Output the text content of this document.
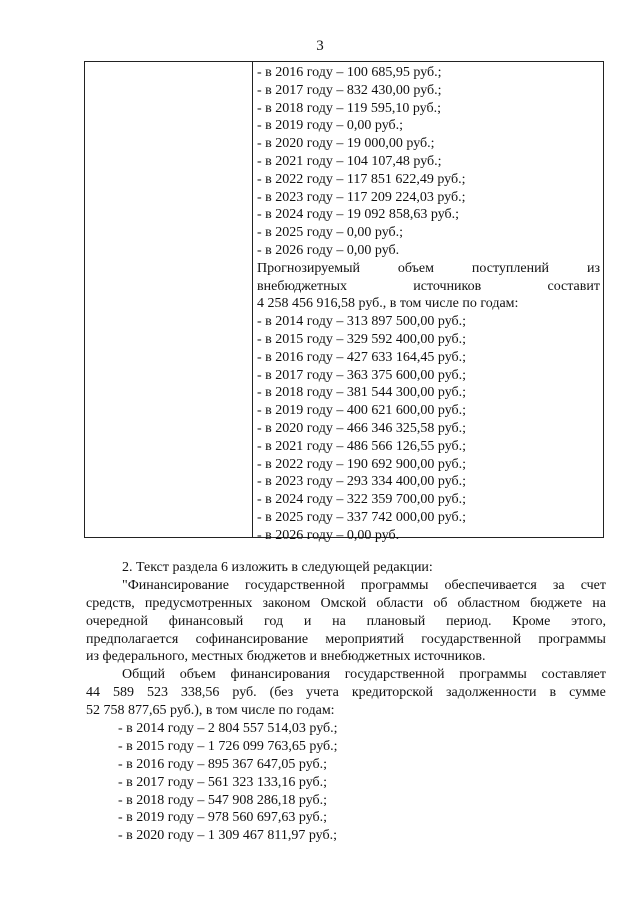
3
- в 2016 году – 100 685,95 руб.;
- в 2017 году – 832 430,00 руб.;
- в 2018 году – 119 595,10 руб.;
- в 2019 году – 0,00 руб.;
- в 2020 году – 19 000,00 руб.;
- в 2021 году – 104 107,48 руб.;
- в 2022 году – 117 851 622,49 руб.;
- в 2023 году – 117 209 224,03 руб.;
- в 2024 году – 19 092 858,63 руб.;
- в 2025 году – 0,00 руб.;
- в 2026 году – 0,00 руб.
Прогнозируемый	объем	поступлений	из
внебюджетных	источников	составит
4 258 456 916,58 руб., в том числе по годам:
- в 2014 году – 313 897 500,00 руб.;
- в 2015 году – 329 592 400,00 руб.;
- в 2016 году – 427 633 164,45 руб.;
- в 2017 году – 363 375 600,00 руб.;
- в 2018 году – 381 544 300,00 руб.;
- в 2019 году – 400 621 600,00 руб.;
- в 2020 году – 466 346 325,58 руб.;
- в 2021 году – 486 566 126,55 руб.;
- в 2022 году – 190 692 900,00 руб.;
- в 2023 году – 293 334 400,00 руб.;
- в 2024 году – 322 359 700,00 руб.;
- в 2025 году – 337 742 000,00 руб.;
- в 2026 году – 0,00 руб.
2. Текст раздела 6 изложить в следующей редакции:
"Финансирование государственной программы обеспечивается за счет
средств, предусмотренных законом Омской области об областном бюджете на
очередной финансовый год и на плановый период. Кроме этого,
предполагается софинансирование мероприятий государственной программы
из федерального, местных бюджетов и внебюджетных источников.
Общий объем финансирования государственной программы составляет
44 589 523 338,56 руб. (без учета кредиторской задолженности в сумме
52 758 877,65 руб.), в том числе по годам:
- в 2014 году – 2 804 557 514,03 руб.;
- в 2015 году – 1 726 099 763,65 руб.;
- в 2016 году – 895 367 647,05 руб.;
- в 2017 году – 561 323 133,16 руб.;
- в 2018 году – 547 908 286,18 руб.;
- в 2019 году – 978 560 697,63 руб.;
- в 2020 году – 1 309 467 811,97 руб.;
